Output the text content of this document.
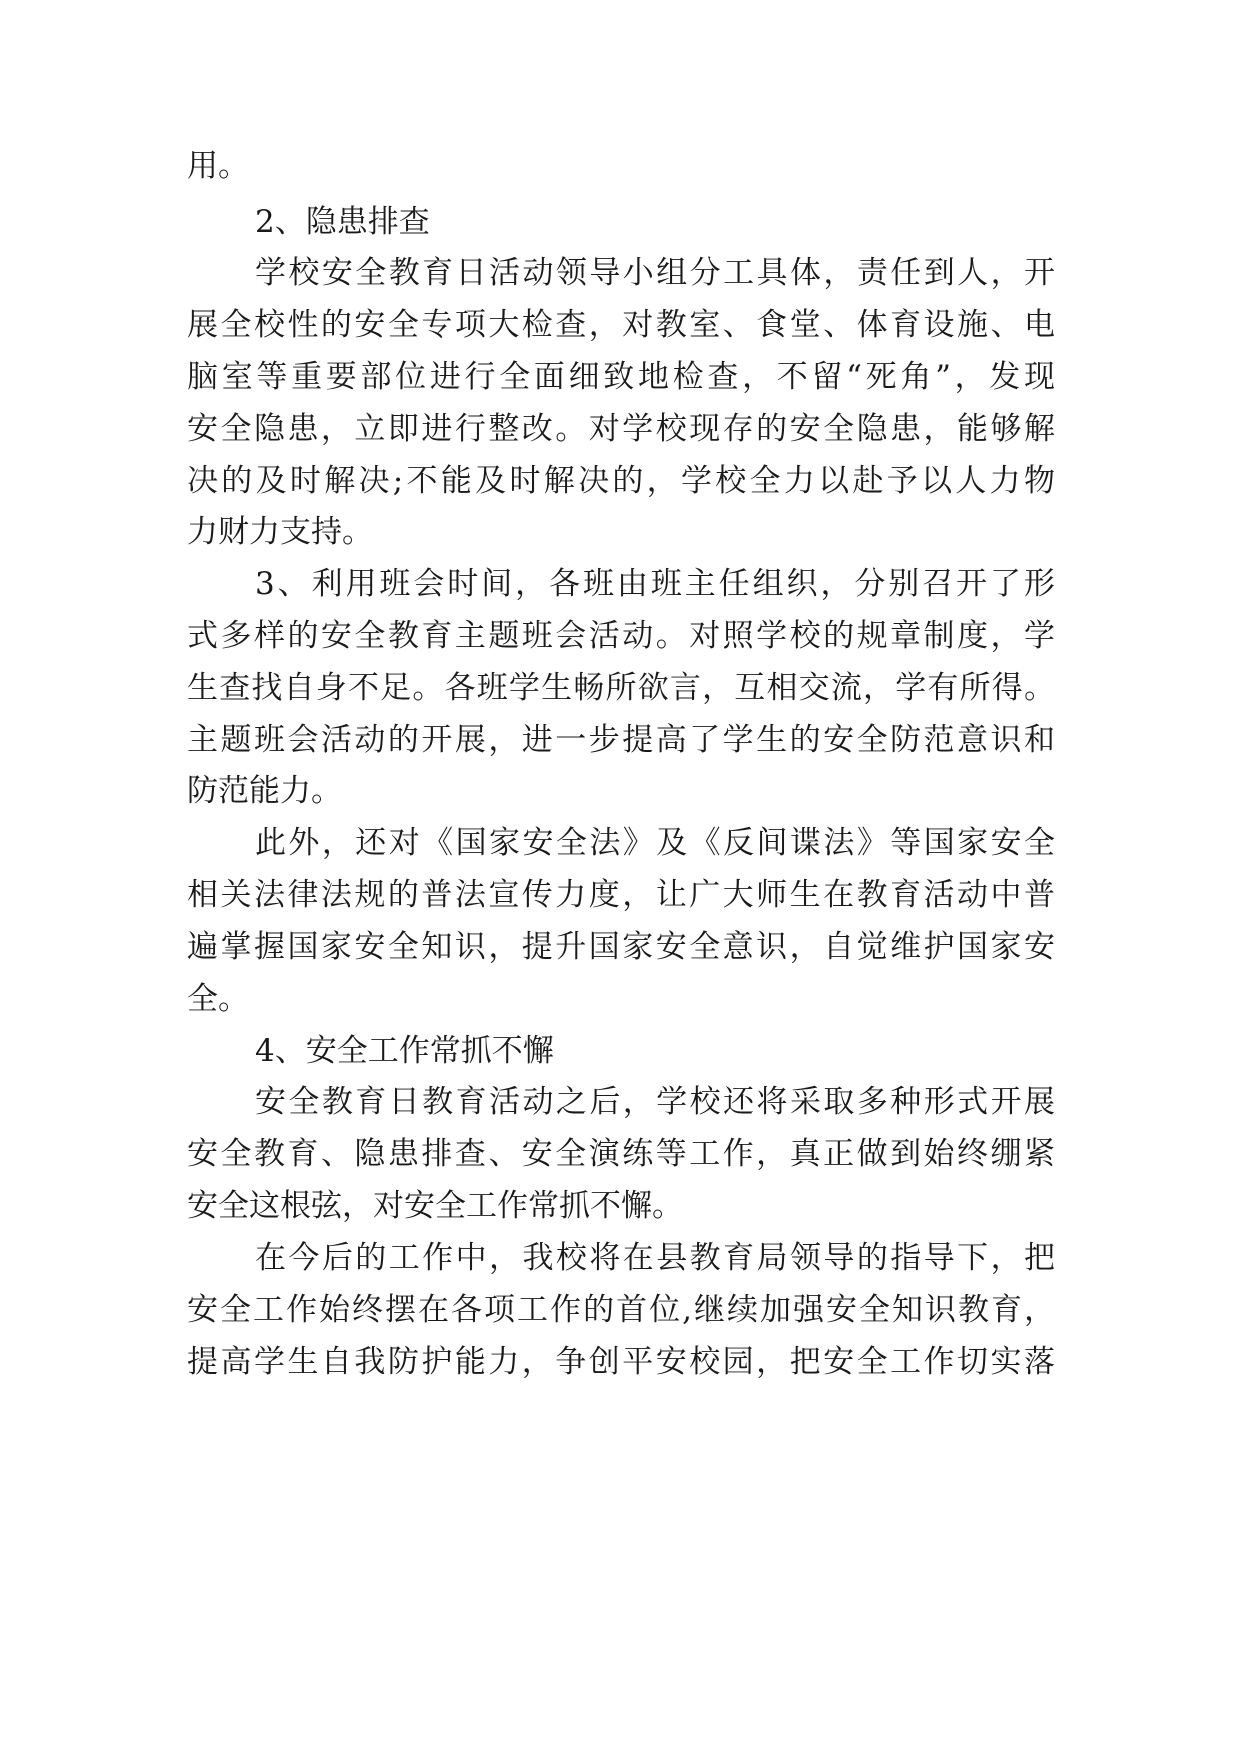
用。
2、隐患排查
学校安全教育日活动领导小组分工具体，责任到人，开
展全校性的安全专项大检查，对教室、食堂、体育设施、电
脑室等重要部位进行全面细致地检查，不留“死角”，发现
安全隐患，立即进行整改。对学校现存的安全隐患，能够解
决的及时解决;不能及时解决的，学校全力以赴予以人力物
力财力支持。
3、利用班会时间，各班由班主任组织，分别召开了形
式多样的安全教育主题班会活动。对照学校的规章制度，学
生查找自身不足。各班学生畅所欲言，互相交流，学有所得。
主题班会活动的开展，进一步提高了学生的安全防范意识和
防范能力。
此外，还对《国家安全法》及《反间谍法》等国家安全
相关法律法规的普法宣传力度，让广大师生在教育活动中普
遍掌握国家安全知识，提升国家安全意识，自觉维护国家安
全。
4、安全工作常抓不懈
安全教育日教育活动之后，学校还将采取多种形式开展
安全教育、隐患排查、安全演练等工作，真正做到始终绷紧
安全这根弦，对安全工作常抓不懈。
在今后的工作中，我校将在县教育局领导的指导下，把
安全工作始终摆在各项工作的首位,继续加强安全知识教育，
提高学生自我防护能力，争创平安校园，把安全工作切实落
